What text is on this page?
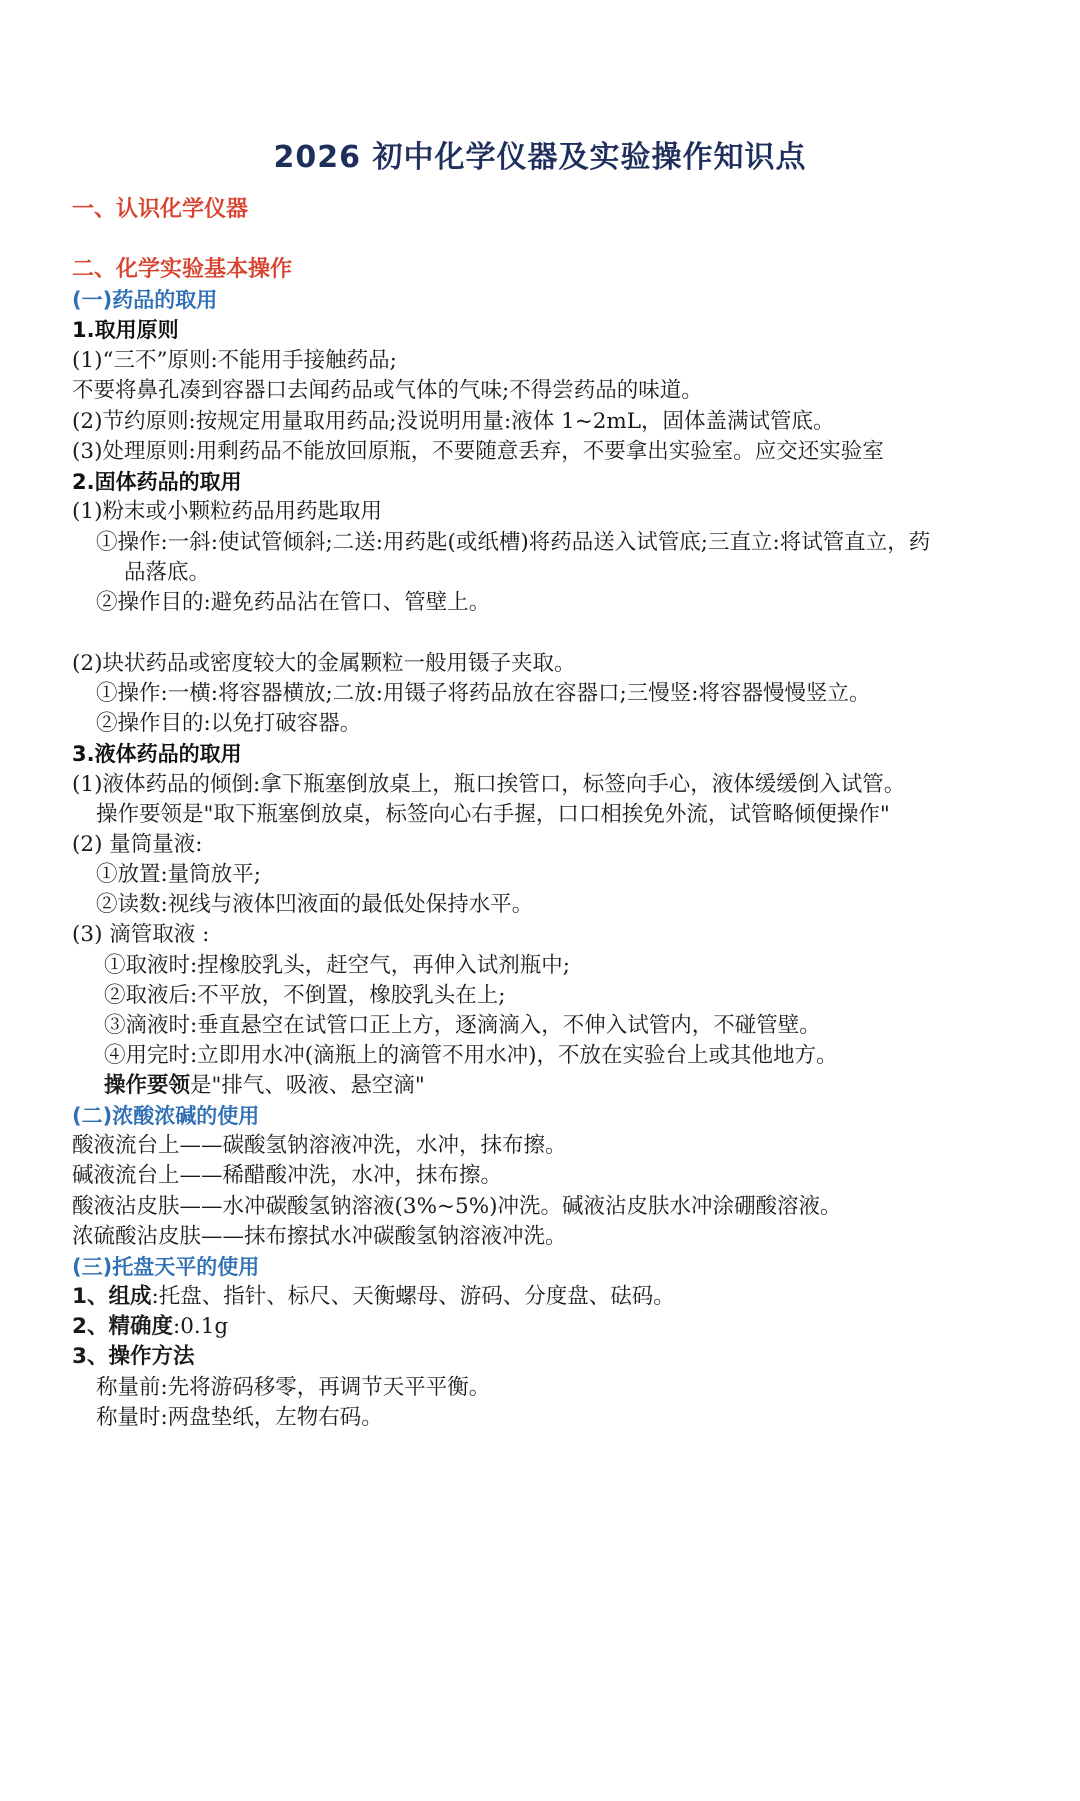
2026 初中化学仪器及实验操作知识点
一、认识化学仪器
二、化学实验基本操作
(一)药品的取用
1.取用原则
(1)“三不”原则:不能用手接触药品;
不要将鼻孔凑到容器口去闻药品或气体的气味;不得尝药品的味道。
(2)节约原则:按规定用量取用药品;没说明用量:液体 1~2mL，固体盖满试管底。
(3)处理原则:用剩药品不能放回原瓶，不要随意丢弃，不要拿出实验室。应交还实验室
2.固体药品的取用
(1)粉末或小颗粒药品用药匙取用
①操作:一斜:使试管倾斜;二送:用药匙(或纸槽)将药品送入试管底;三直立:将试管直立，药
品落底。
②操作目的:避免药品沾在管口、管壁上。
(2)块状药品或密度较大的金属颗粒一般用镊子夹取。
①操作:一横:将容器横放;二放:用镊子将药品放在容器口;三慢竖:将容器慢慢竖立。
②操作目的:以免打破容器。
3.液体药品的取用
(1)液体药品的倾倒:拿下瓶塞倒放桌上，瓶口挨管口，标签向手心，液体缓缓倒入试管。
操作要领是"取下瓶塞倒放桌，标签向心右手握，口口相挨免外流，试管略倾便操作"
(2) 量筒量液:
①放置:量筒放平;
②读数:视线与液体凹液面的最低处保持水平。
(3) 滴管取液 :
①取液时:捏橡胶乳头，赶空气，再伸入试剂瓶中;
②取液后:不平放，不倒置，橡胶乳头在上;
③滴液时:垂直悬空在试管口正上方，逐滴滴入，不伸入试管内，不碰管壁。
④用完时:立即用水冲(滴瓶上的滴管不用水冲)，不放在实验台上或其他地方。
操作要领是"排气、吸液、悬空滴"
(二)浓酸浓碱的使用
酸液流台上——碳酸氢钠溶液冲洗，水冲，抹布擦。
碱液流台上——稀醋酸冲洗，水冲，抹布擦。
酸液沾皮肤——水冲碳酸氢钠溶液(3%~5%)冲洗。碱液沾皮肤水冲涂硼酸溶液。
浓硫酸沾皮肤——抹布擦拭水冲碳酸氢钠溶液冲洗。
(三)托盘天平的使用
1、组成:托盘、指针、标尺、天衡螺母、游码、分度盘、砝码。
2、精确度:0.1g
3、操作方法
称量前:先将游码移零，再调节天平平衡。
称量时:两盘垫纸，左物右码。
